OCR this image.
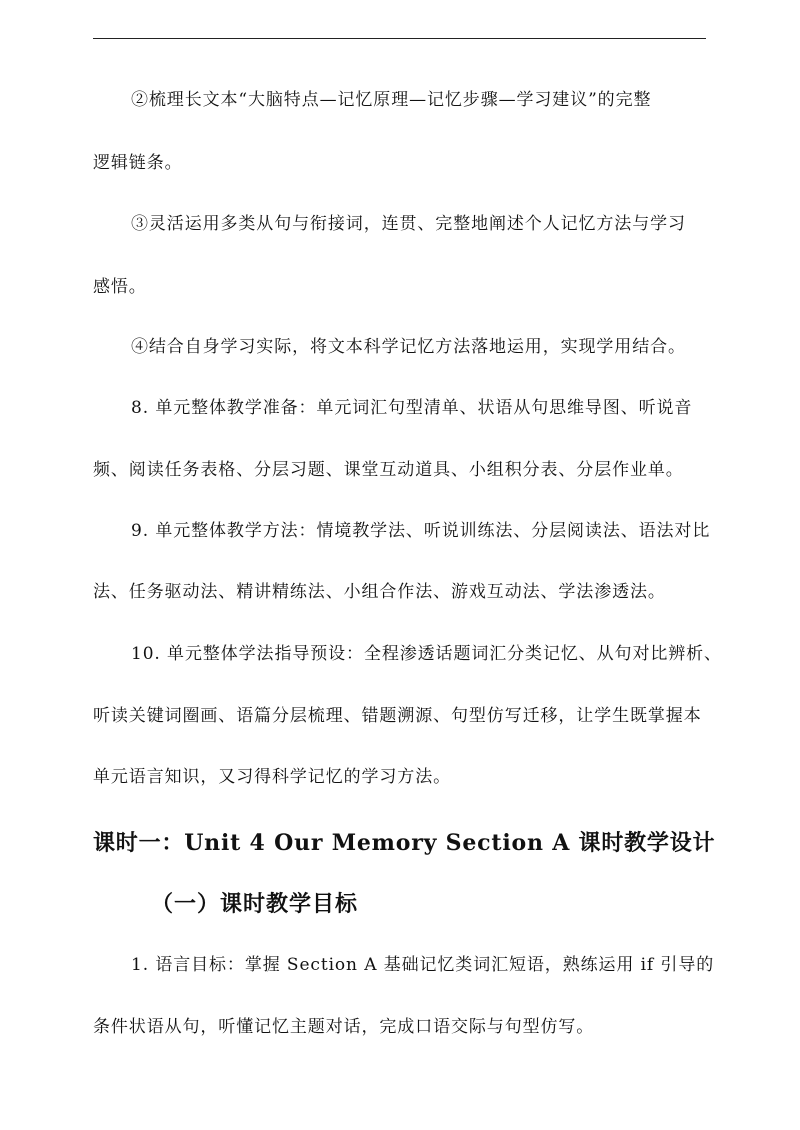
②梳理长文本“大脑特点—记忆原理—记忆步骤—学习建议”的完整
逻辑链条。
③灵活运用多类从句与衔接词，连贯、完整地阐述个人记忆方法与学习
感悟。
④结合自身学习实际，将文本科学记忆方法落地运用，实现学用结合。
8. 单元整体教学准备：单元词汇句型清单、状语从句思维导图、听说音
频、阅读任务表格、分层习题、课堂互动道具、小组积分表、分层作业单。
9. 单元整体教学方法：情境教学法、听说训练法、分层阅读法、语法对比
法、任务驱动法、精讲精练法、小组合作法、游戏互动法、学法渗透法。
10. 单元整体学法指导预设：全程渗透话题词汇分类记忆、从句对比辨析、
听读关键词圈画、语篇分层梳理、错题溯源、句型仿写迁移，让学生既掌握本
单元语言知识，又习得科学记忆的学习方法。
课时一：Unit 4 Our Memory Section A 课时教学设计
（一）课时教学目标
1. 语言目标：掌握 Section A 基础记忆类词汇短语，熟练运用 if 引导的
条件状语从句，听懂记忆主题对话，完成口语交际与句型仿写。
